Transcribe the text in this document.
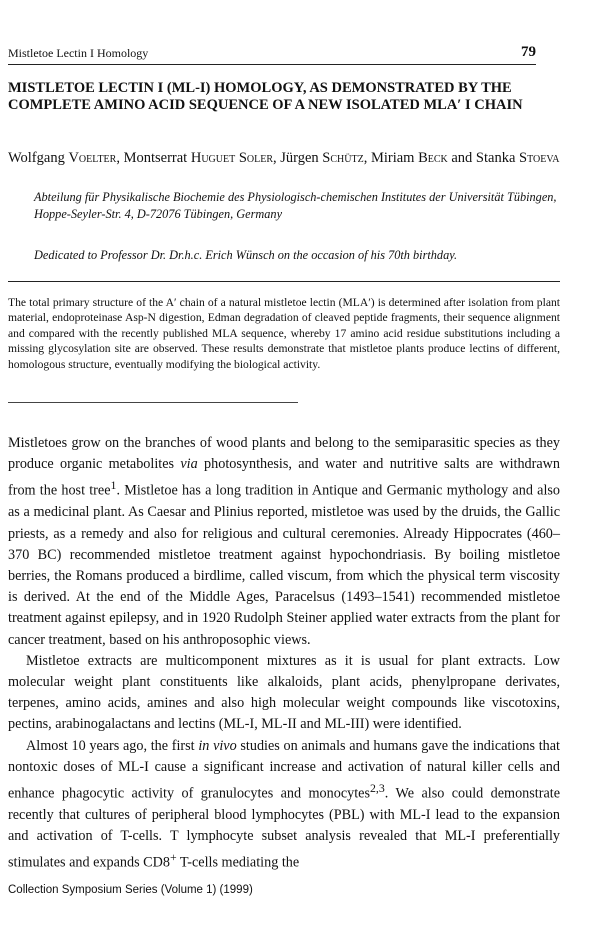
Mistletoe Lectin I Homology	79
MISTLETOE LECTIN I (ML-I) HOMOLOGY, AS DEMONSTRATED BY THE COMPLETE AMINO ACID SEQUENCE OF A NEW ISOLATED MLA′ I CHAIN
Wolfgang Voelter, Montserrat Huguet Soler, Jürgen Schütz, Miriam Beck and Stanka Stoeva
Abteilung für Physikalische Biochemie des Physiologisch-chemischen Institutes der Universität Tübingen, Hoppe-Seyler-Str. 4, D-72076 Tübingen, Germany
Dedicated to Professor Dr. Dr.h.c. Erich Wünsch on the occasion of his 70th birthday.

The total primary structure of the A′ chain of a natural mistletoe lectin (MLA′) is determined after isolation from plant material, endoproteinase Asp-N digestion, Edman degradation of cleaved peptide fragments, their sequence alignment and compared with the recently published MLA sequence, whereby 17 amino acid residue substitutions including a missing glycosylation site are observed. These results demonstrate that mistletoe plants produce lectins of different, homologous structure, eventually modifying the biological activity.

Mistletoes grow on the branches of wood plants and belong to the semiparasitic species as they produce organic metabolites via photosynthesis, and water and nutritive salts are withdrawn from the host tree$^1$. Mistletoe has a long tradition in Antique and Germanic mythology and also as a medicinal plant. As Caesar and Plinius reported, mistletoe was used by the druids, the Gallic priests, as a remedy and also for religious and cultural ceremonies. Already Hippocrates (460–370 BC) recommended mistletoe treatment against hypochondriasis. By boiling mistletoe berries, the Romans produced a birdlime, called viscum, from which the physical term viscosity is derived. At the end of the Middle Ages, Paracelsus (1493–1541) recommended mistletoe treatment against epilepsy, and in 1920 Rudolph Steiner applied water extracts from the plant for cancer treatment, based on his anthroposophic views.

Mistletoe extracts are multicomponent mixtures as it is usual for plant extracts. Low molecular weight plant constituents like alkaloids, plant acids, phenylpropane derivates, terpenes, amino acids, amines and also high molecular weight compounds like viscotoxins, pectins, arabinogalactans and lectins (ML-I, ML-II and ML-III) were identified.

Almost 10 years ago, the first in vivo studies on animals and humans gave the indications that nontoxic doses of ML-I cause a significant increase and activation of natural killer cells and enhance phagocytic activity of granulocytes and monocytes$^{2,3}$. We also could demonstrate recently that cultures of peripheral blood lymphocytes (PBL) with ML-I lead to the expansion and activation of T-cells. T lymphocyte subset analysis revealed that ML-I preferentially stimulates and expands CD8+ T-cells mediating the

Collection Symposium Series (Volume 1) (1999)
